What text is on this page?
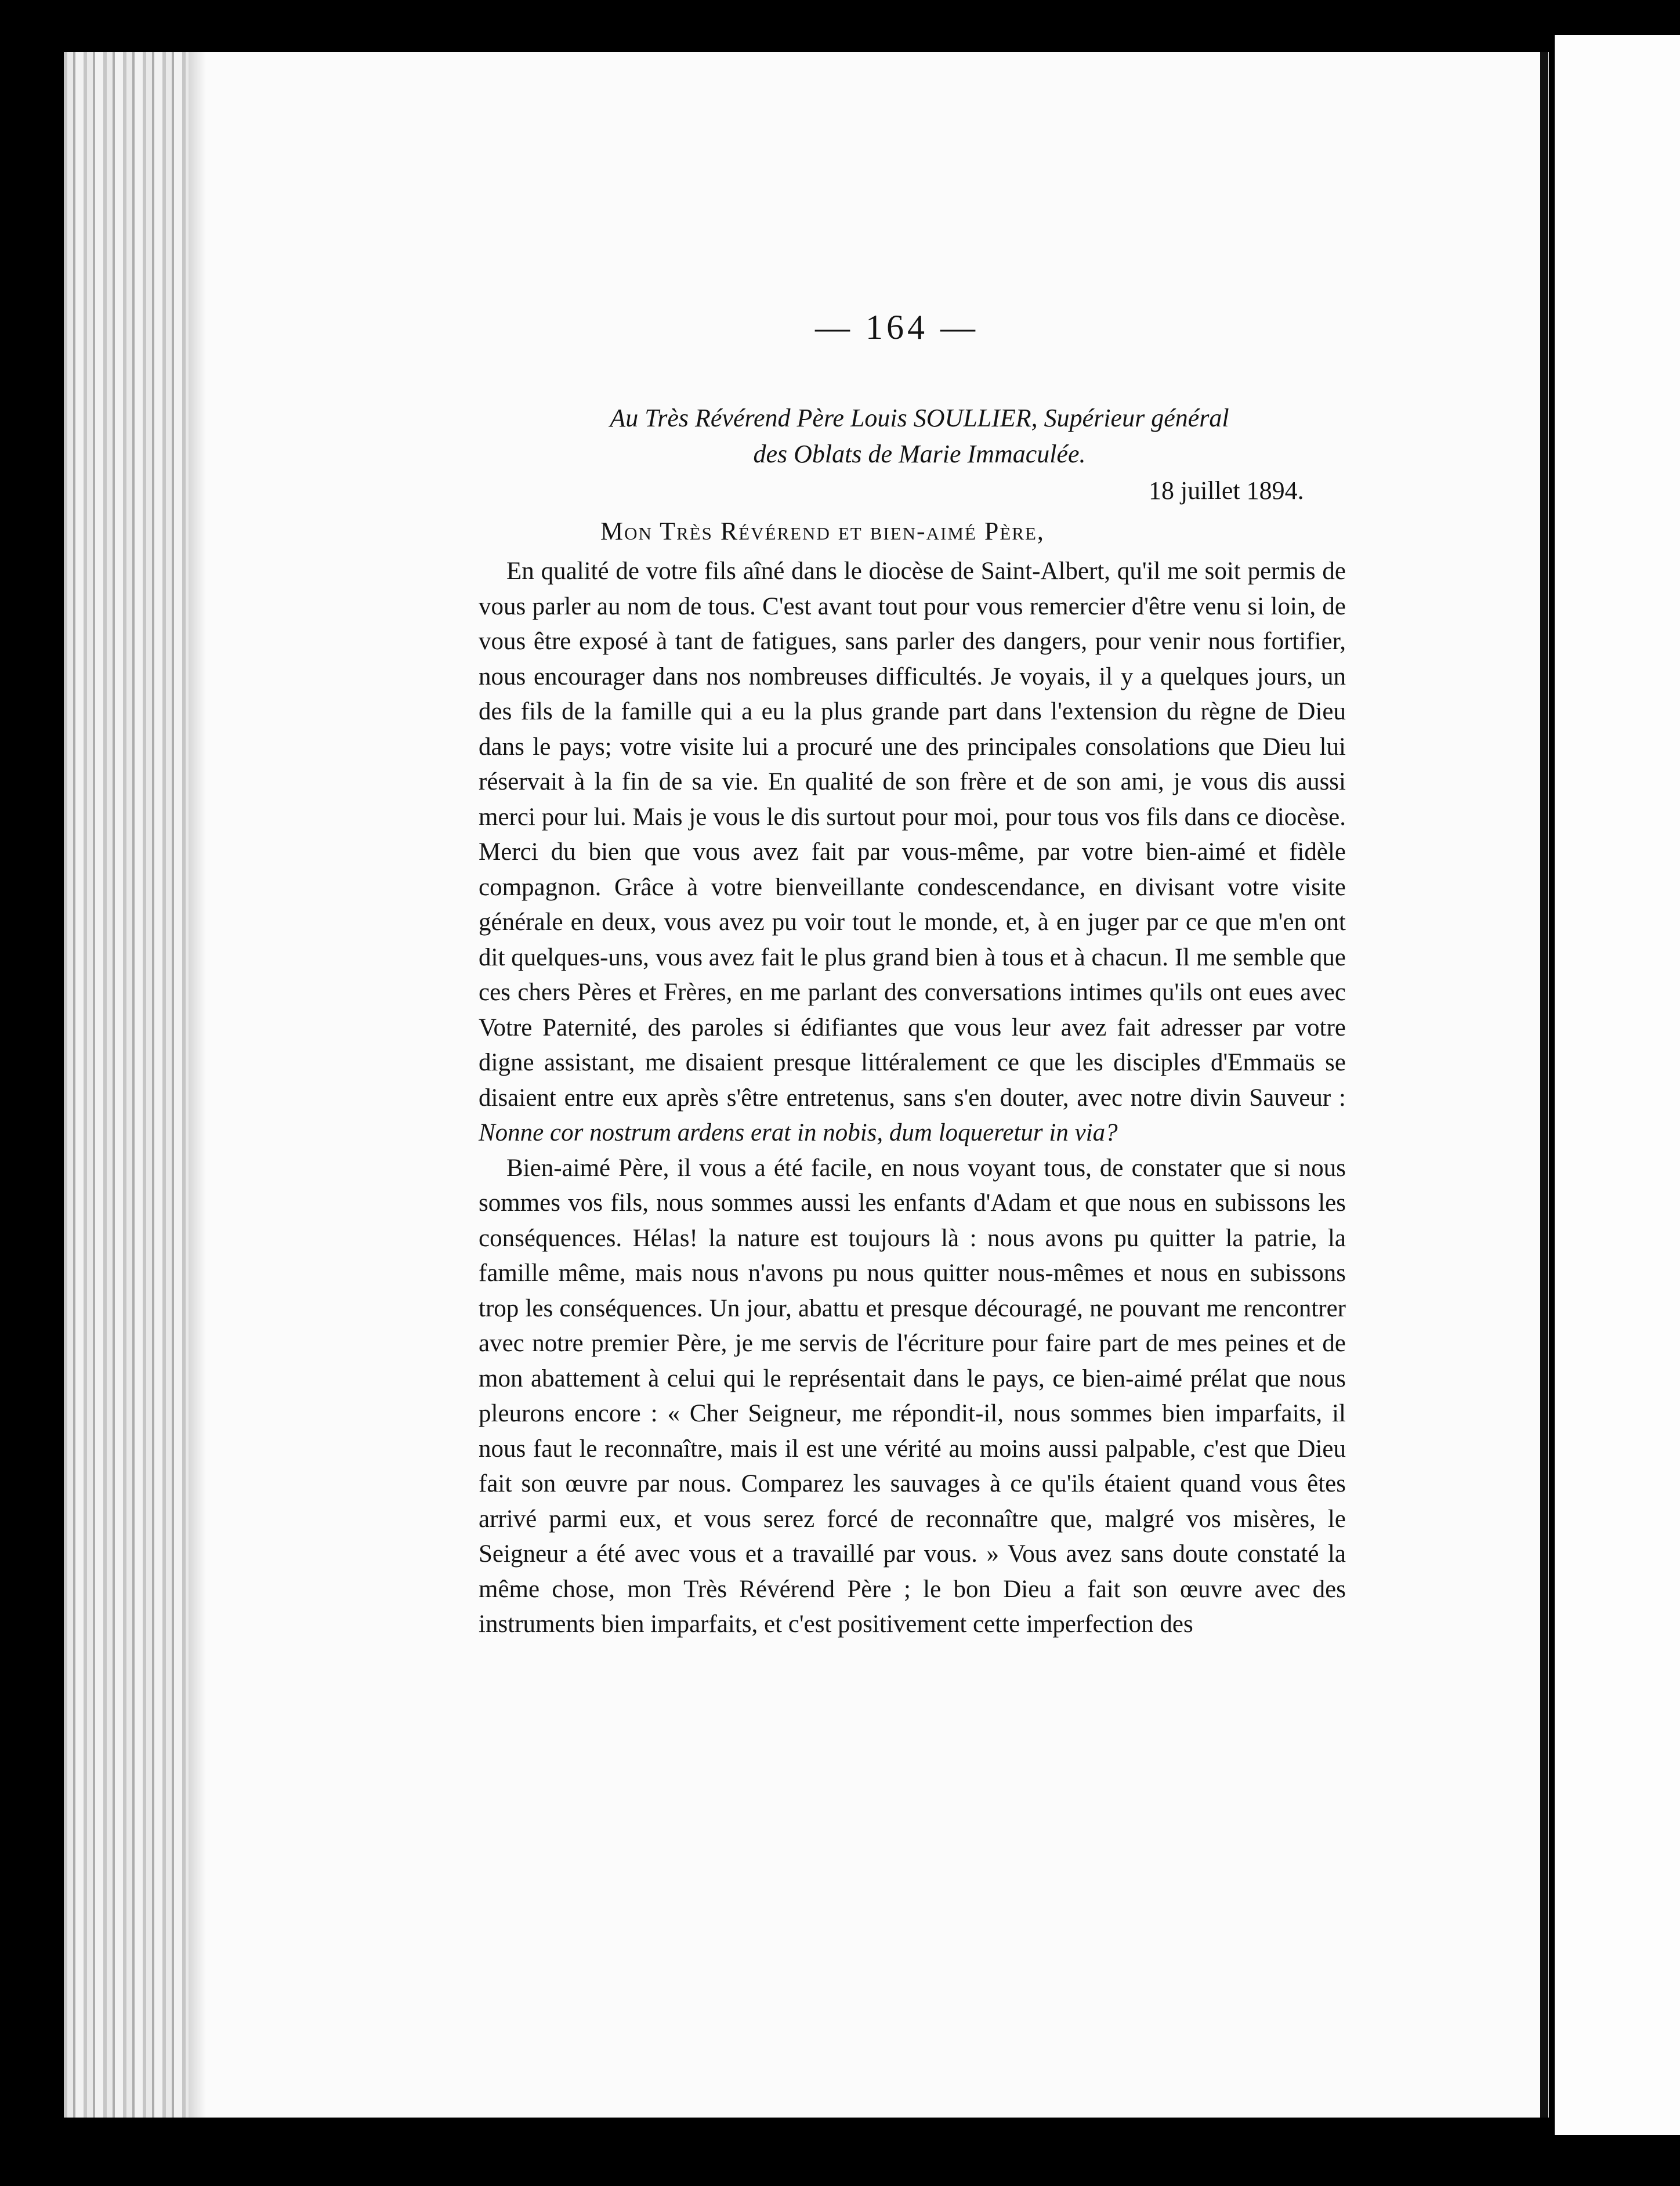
— 164 —
Au Très Révérend Père Louis SOULLIER, Supérieur général
des Oblats de Marie Immaculée.
18 juillet 1894.
Mon Très Révérend et bien-aimé Père,

En qualité de votre fils aîné dans le diocèse de Saint-Albert, qu'il me soit permis de vous parler au nom de tous. C'est avant tout pour vous remercier d'être venu si loin, de vous être exposé à tant de fatigues, sans parler des dangers, pour venir nous fortifier, nous encourager dans nos nombreuses difficultés. Je voyais, il y a quelques jours, un des fils de la famille qui a eu la plus grande part dans l'extension du règne de Dieu dans le pays; votre visite lui a procuré une des principales consolations que Dieu lui réservait à la fin de sa vie. En qualité de son frère et de son ami, je vous dis aussi merci pour lui. Mais je vous le dis surtout pour moi, pour tous vos fils dans ce diocèse. Merci du bien que vous avez fait par vous-même, par votre bien-aimé et fidèle compagnon. Grâce à votre bienveillante condescendance, en divisant votre visite générale en deux, vous avez pu voir tout le monde, et, à en juger par ce que m'en ont dit quelques-uns, vous avez fait le plus grand bien à tous et à chacun. Il me semble que ces chers Pères et Frères, en me parlant des conversations intimes qu'ils ont eues avec Votre Paternité, des paroles si édifiantes que vous leur avez fait adresser par votre digne assistant, me disaient presque littéralement ce que les disciples d'Emmaüs se disaient entre eux après s'être entretenus, sans s'en douter, avec notre divin Sauveur : Nonne cor nostrum ardens erat in nobis, dum loqueretur in via?

Bien-aimé Père, il vous a été facile, en nous voyant tous, de constater que si nous sommes vos fils, nous sommes aussi les enfants d'Adam et que nous en subissons les conséquences. Hélas! la nature est toujours là : nous avons pu quitter la patrie, la famille même, mais nous n'avons pu nous quitter nous-mêmes et nous en subissons trop les conséquences. Un jour, abattu et presque découragé, ne pouvant me rencontrer avec notre premier Père, je me servis de l'écriture pour faire part de mes peines et de mon abattement à celui qui le représentait dans le pays, ce bien-aimé prélat que nous pleurons encore : « Cher Seigneur, me répondit-il, nous sommes bien imparfaits, il nous faut le reconnaître, mais il est une vérité au moins aussi palpable, c'est que Dieu fait son œuvre par nous. Comparez les sauvages à ce qu'ils étaient quand vous êtes arrivé parmi eux, et vous serez forcé de reconnaître que, malgré vos misères, le Seigneur a été avec vous et a travaillé par vous. » Vous avez sans doute constaté la même chose, mon Très Révérend Père ; le bon Dieu a fait son œuvre avec des instruments bien imparfaits, et c'est positivement cette imperfection des
